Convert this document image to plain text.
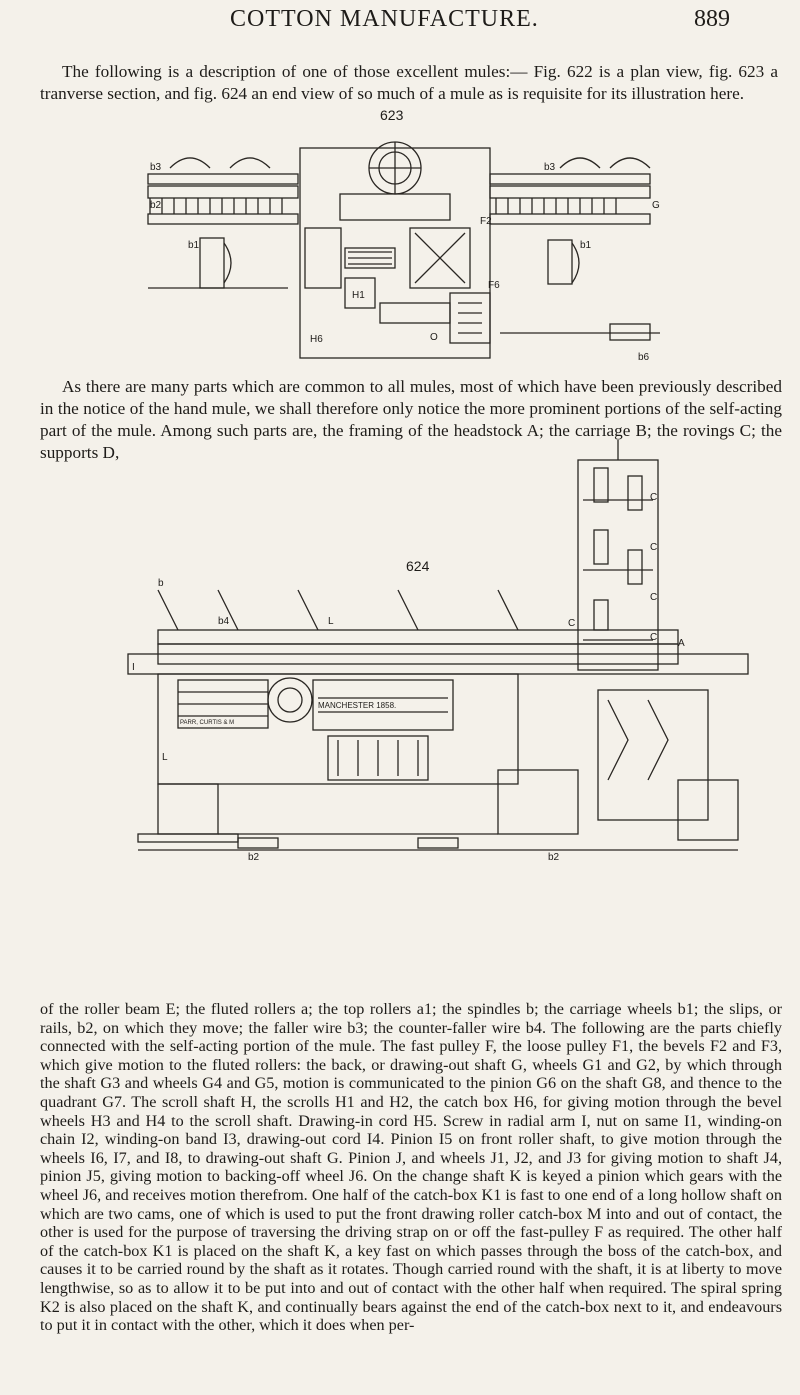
COTTON MANUFACTURE.	889

The following is a description of one of those excellent mules:— Fig. 622 is a plan view, fig. 623 a tranverse section, and fig. 624 an end view of so much of a mule as is requisite for its illustration here.

623
b3	b3
b2	G
F2
F6
b1	b1
H6	O
H1
b6

As there are many parts which are common to all mules, most of which have been previously described in the notice of the hand mule, we shall therefore only notice the more prominent portions of the self-acting part of the mule. Among such parts are, the framing of the headstock A; the carriage B; the rovings C; the supports D,

624
C
C
C
C
C
b
b4	L
I
L
A
b2	b2
PARR, CURTIS & M
MANCHESTER 1858.

of the roller beam E; the fluted rollers a; the top rollers a1; the spindles b; the carriage wheels b1; the slips, or rails, b2, on which they move; the faller wire b3; the counter-faller wire b4. The following are the parts chiefly connected with the self-acting portion of the mule. The fast pulley F, the loose pulley F1, the bevels F2 and F3, which give motion to the fluted rollers: the back, or drawing-out shaft G, wheels G1 and G2, by which through the shaft G3 and wheels G4 and G5, motion is communicated to the pinion G6 on the shaft G8, and thence to the quadrant G7. The scroll shaft H, the scrolls H1 and H2, the catch box H6, for giving motion through the bevel wheels H3 and H4 to the scroll shaft. Drawing-in cord H5. Screw in radial arm I, nut on same I1, winding-on chain I2, winding-on band I3, drawing-out cord I4. Pinion I5 on front roller shaft, to give motion through the wheels I6, I7, and I8, to drawing-out shaft G. Pinion J, and wheels J1, J2, and J3 for giving motion to shaft J4, pinion J5, giving motion to backing-off wheel J6. On the change shaft K is keyed a pinion which gears with the wheel J6, and receives motion therefrom. One half of the catch-box K1 is fast to one end of a long hollow shaft on which are two cams, one of which is used to put the front drawing roller catch-box M into and out of contact, the other is used for the purpose of traversing the driving strap on or off the fast-pulley F as required. The other half of the catch-box K1 is placed on the shaft K, a key fast on which passes through the boss of the catch-box, and causes it to be carried round by the shaft as it rotates. Though carried round with the shaft, it is at liberty to move lengthwise, so as to allow it to be put into and out of contact with the other half when required. The spiral spring K2 is also placed on the shaft K, and continually bears against the end of the catch-box next to it, and endeavours to put it in contact with the other, which it does when per-
